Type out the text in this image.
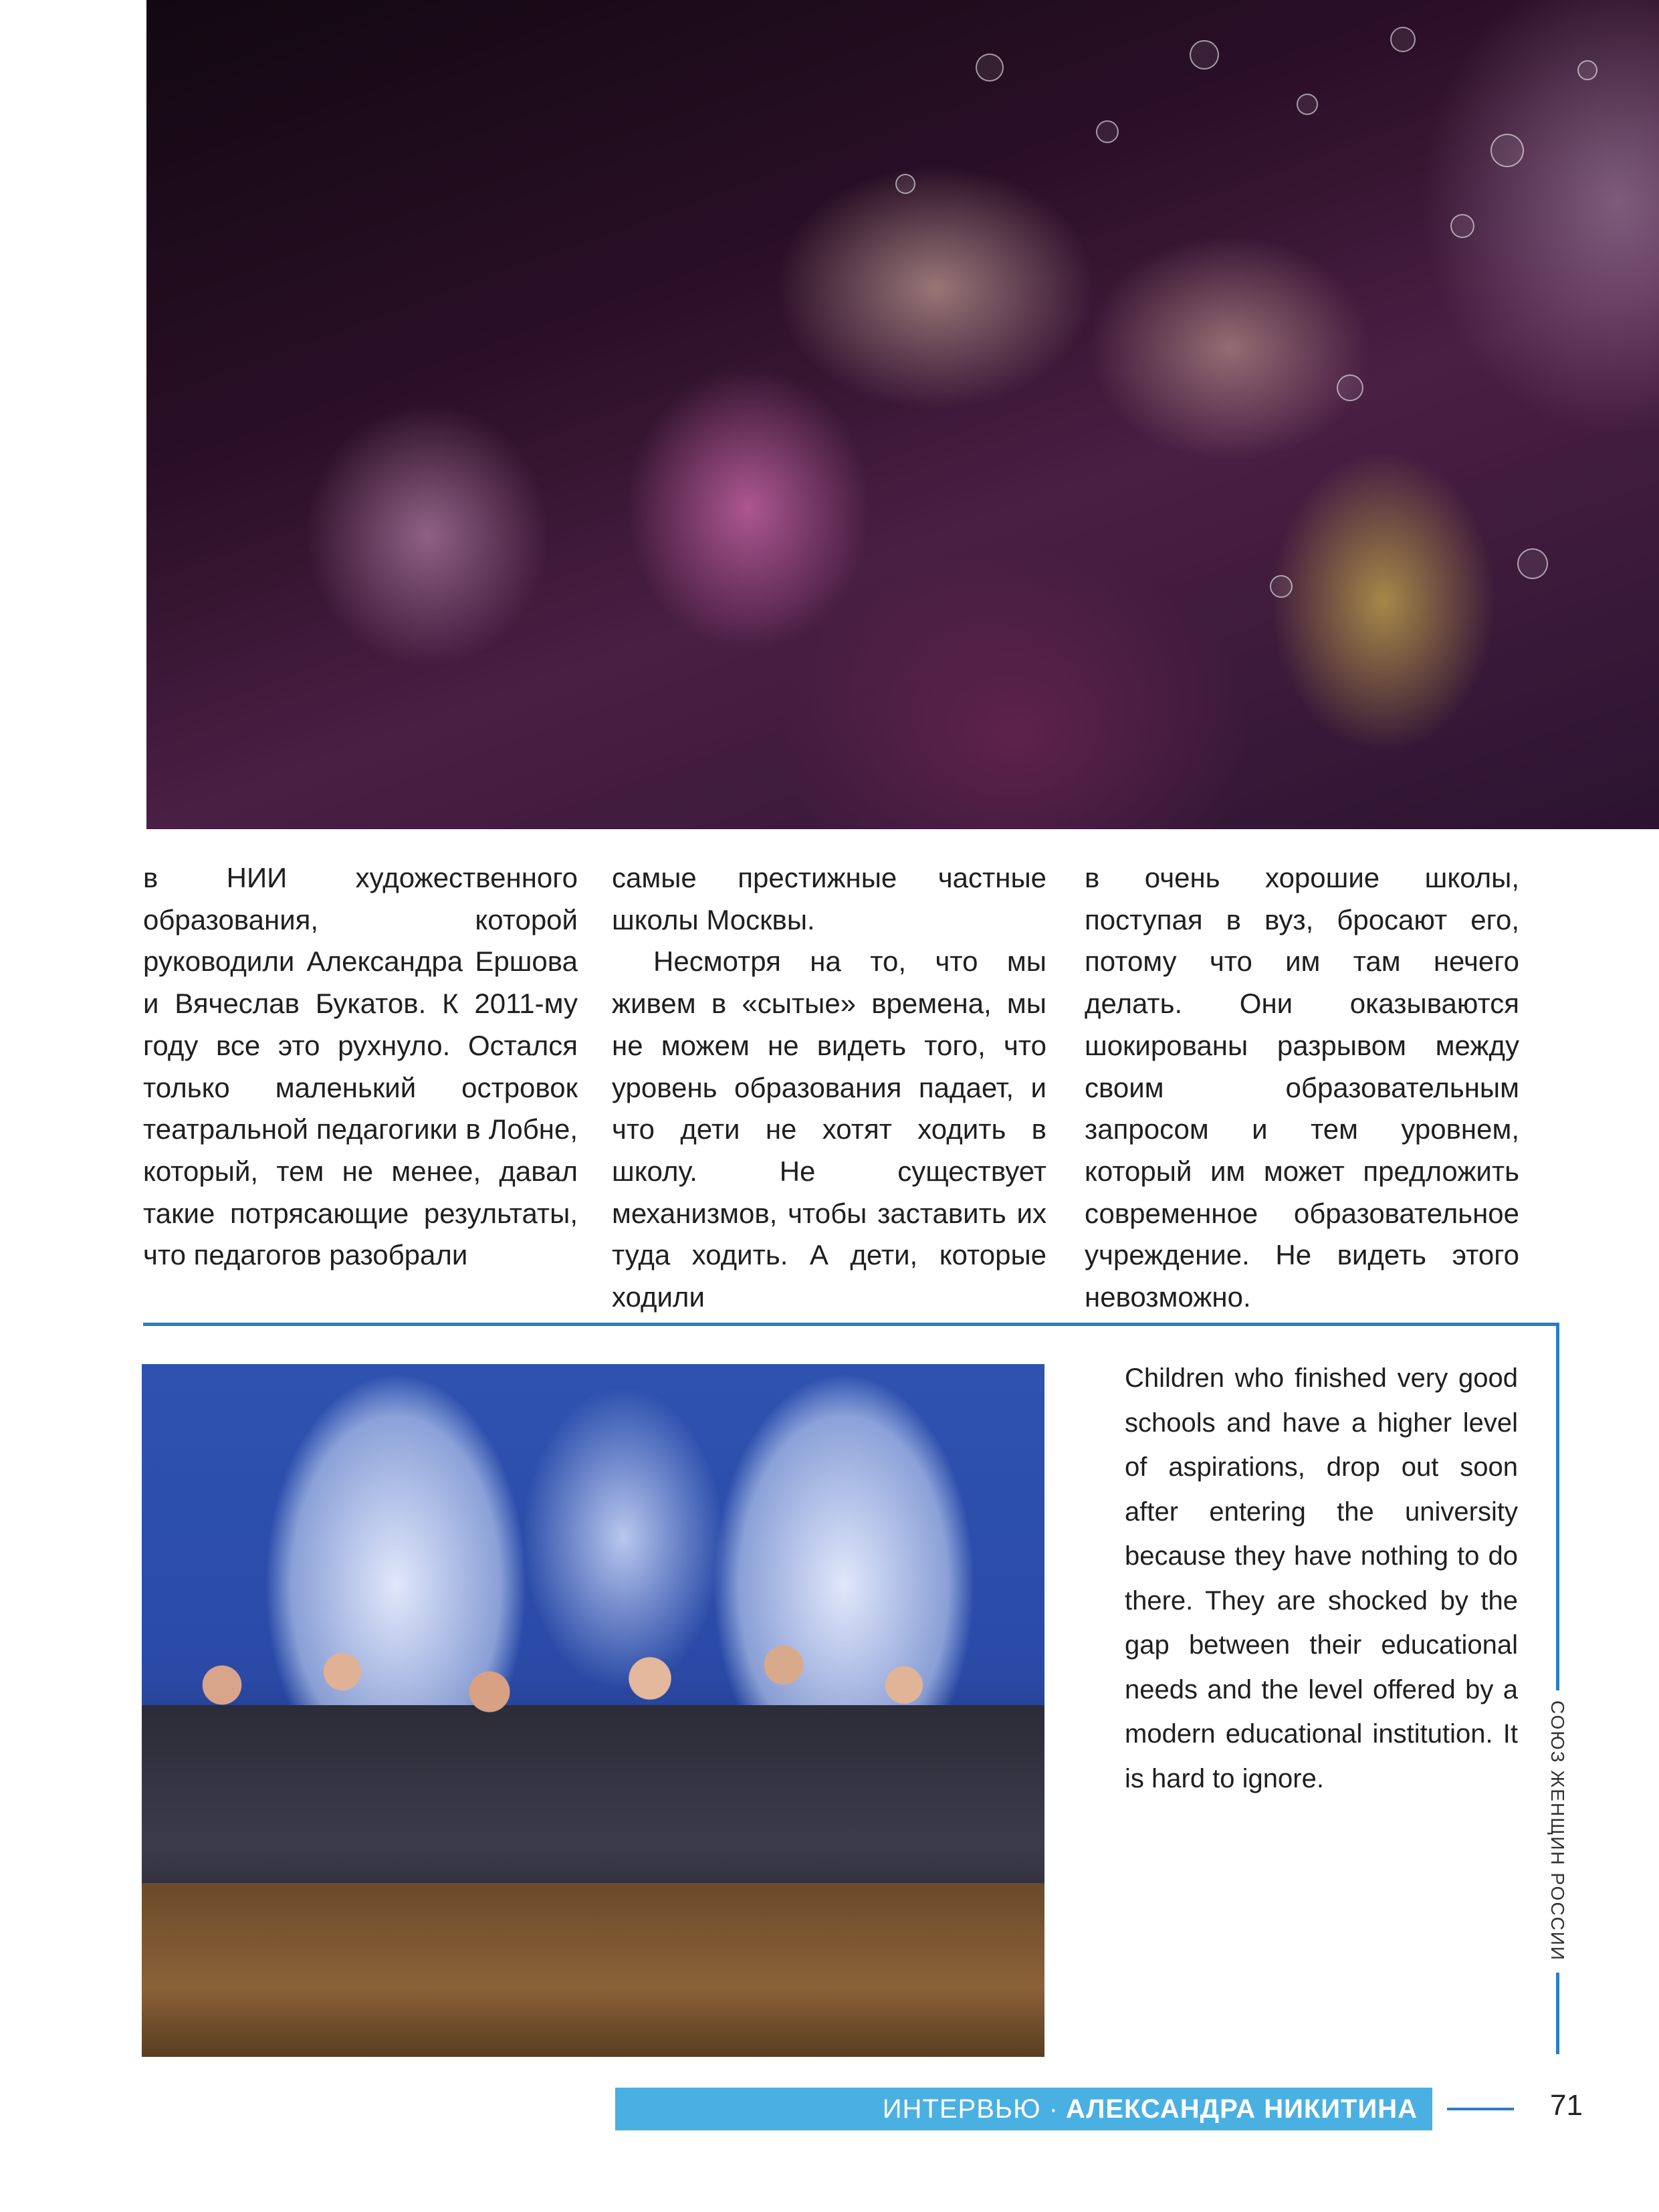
в НИИ художественного образования, которой руководили Александра Ершова и Вячеслав Букатов. К 2011-му году все это рухнуло. Остался только маленький островок театральной педагогики в Лобне, который, тем не менее, давал такие потрясающие результаты, что педагогов разобрали

самые престижные частные школы Москвы.

Несмотря на то, что мы живем в «сытые» времена, мы не можем не видеть того, что уровень образования падает, и что дети не хотят ходить в школу. Не существует механизмов, чтобы заставить их туда ходить. А дети, которые ходили

в очень хорошие школы, поступая в вуз, бросают его, потому что им там нечего делать. Они оказываются шокированы разрывом между своим образовательным запросом и тем уровнем, который им может предложить современное образовательное учреждение. Не видеть этого невозможно.

СОЮЗ ЖЕНЩИН РОССИИ

Children who finished very good schools and have a higher level of aspirations, drop out soon after entering the university because they have nothing to do there. They are shocked by the gap between their educational needs and the level offered by a modern educational institution. It is hard to ignore.

ИНТЕРВЬЮ · АЛЕКСАНДРА НИКИТИНА	71
